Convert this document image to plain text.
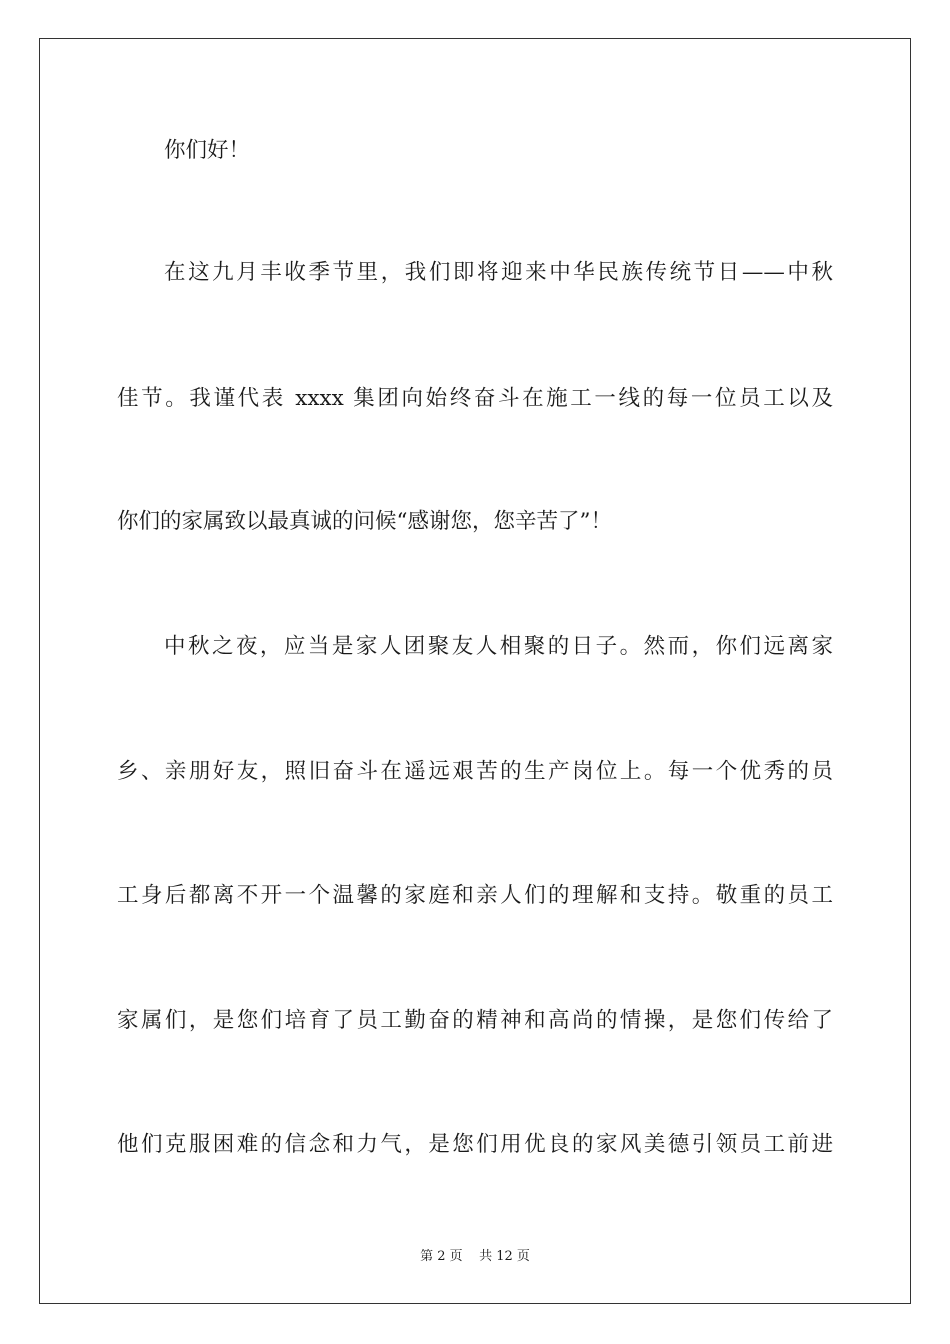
你们好！
在这九月丰收季节里，我们即将迎来中华民族传统节日——中秋
佳节。我谨代表 xxxx 集团向始终奋斗在施工一线的每一位员工以及
你们的家属致以最真诚的问候“感谢您，您辛苦了”！
中秋之夜，应当是家人团聚友人相聚的日子。然而，你们远离家
乡、亲朋好友，照旧奋斗在遥远艰苦的生产岗位上。每一个优秀的员
工身后都离不开一个温馨的家庭和亲人们的理解和支持。敬重的员工
家属们，是您们培育了员工勤奋的精神和高尚的情操，是您们传给了
他们克服困难的信念和力气，是您们用优良的家风美德引领员工前进
第 2 页    共 12 页
